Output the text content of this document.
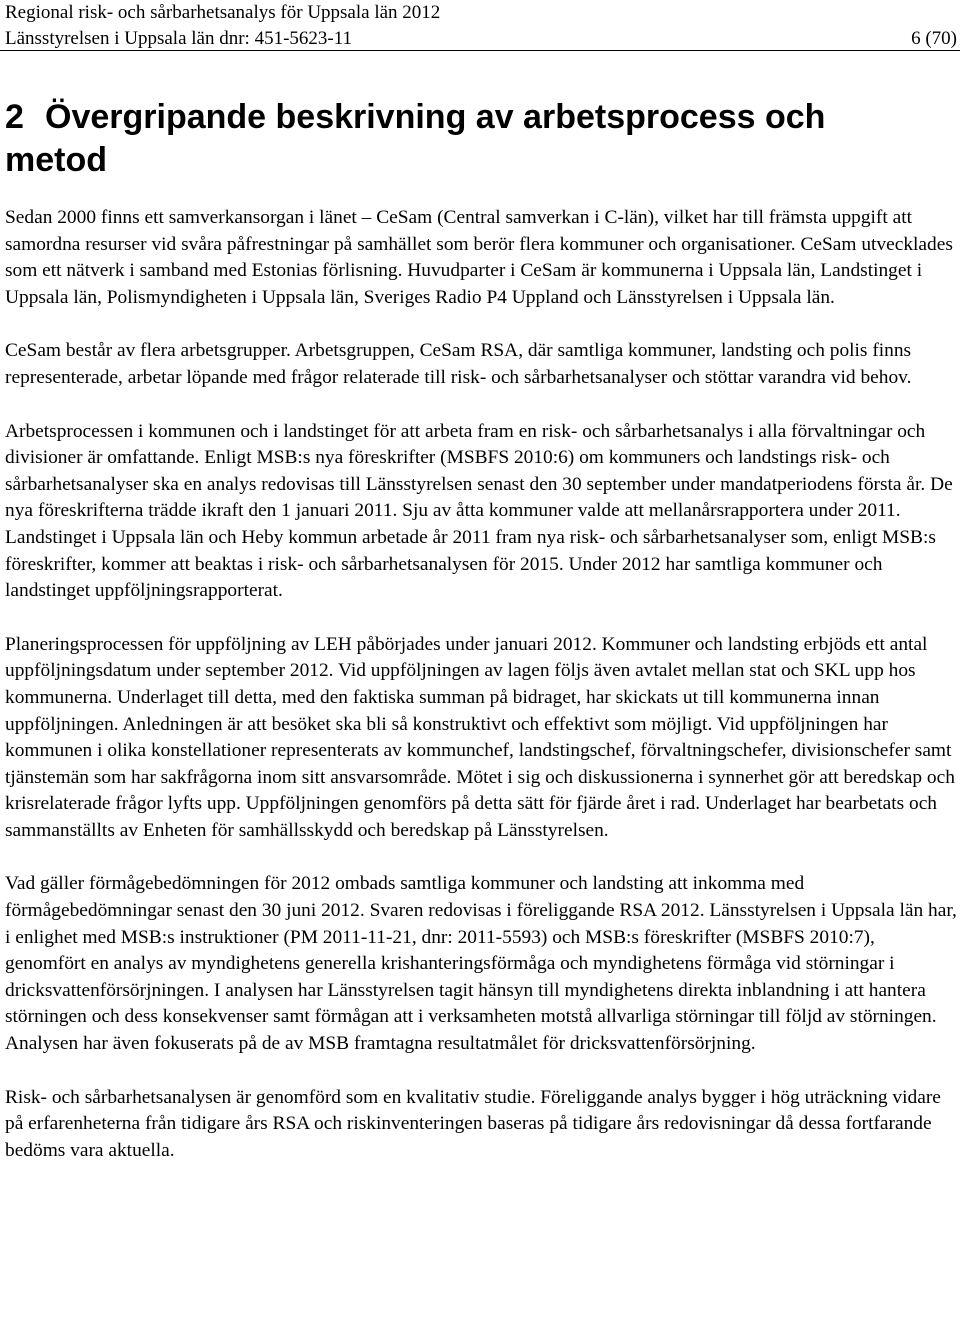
Regional risk- och sårbarhetsanalys för Uppsala län 2012
Länsstyrelsen i Uppsala län dnr: 451-5623-11	6 (70)
2 Övergripande beskrivning av arbetsprocess och
metod

Sedan 2000 finns ett samverkansorgan i länet – CeSam (Central samverkan i C-län), vilket har till främsta uppgift att samordna resurser vid svåra påfrestningar på samhället som berör flera kommuner och organisationer. CeSam utvecklades som ett nätverk i samband med Estonias förlisning. Huvudparter i CeSam är kommunerna i Uppsala län, Landstinget i Uppsala län, Polismyndigheten i Uppsala län, Sveriges Radio P4 Uppland och Länsstyrelsen i Uppsala län.

CeSam består av flera arbetsgrupper. Arbetsgruppen, CeSam RSA, där samtliga kommuner, landsting och polis finns representerade, arbetar löpande med frågor relaterade till risk- och sårbarhetsanalyser och stöttar varandra vid behov.

Arbetsprocessen i kommunen och i landstinget för att arbeta fram en risk- och sårbarhetsanalys i alla förvaltningar och divisioner är omfattande. Enligt MSB:s nya föreskrifter (MSBFS 2010:6) om kommuners och landstings risk- och sårbarhetsanalyser ska en analys redovisas till Länsstyrelsen senast den 30 september under mandatperiodens första år. De nya föreskrifterna trädde ikraft den 1 januari 2011. Sju av åtta kommuner valde att mellanårsrapportera under 2011. Landstinget i Uppsala län och Heby kommun arbetade år 2011 fram nya risk- och sårbarhetsanalyser som, enligt MSB:s föreskrifter, kommer att beaktas i risk- och sårbarhetsanalysen för 2015. Under 2012 har samtliga kommuner och landstinget uppföljningsrapporterat.

Planeringsprocessen för uppföljning av LEH påbörjades under januari 2012. Kommuner och landsting erbjöds ett antal uppföljningsdatum under september 2012. Vid uppföljningen av lagen följs även avtalet mellan stat och SKL upp hos kommunerna. Underlaget till detta, med den faktiska summan på bidraget, har skickats ut till kommunerna innan uppföljningen. Anledningen är att besöket ska bli så konstruktivt och effektivt som möjligt. Vid uppföljningen har kommunen i olika konstellationer representerats av kommunchef, landstingschef, förvaltningschefer, divisionschefer samt tjänstemän som har sakfrågorna inom sitt ansvarsområde. Mötet i sig och diskussionerna i synnerhet gör att beredskap och krisrelaterade frågor lyfts upp. Uppföljningen genomförs på detta sätt för fjärde året i rad. Underlaget har bearbetats och sammanställts av Enheten för samhällsskydd och beredskap på Länsstyrelsen.

Vad gäller förmågebedömningen för 2012 ombads samtliga kommuner och landsting att inkomma med förmågebedömningar senast den 30 juni 2012. Svaren redovisas i föreliggande RSA 2012. Länsstyrelsen i Uppsala län har, i enlighet med MSB:s instruktioner (PM 2011-11-21, dnr: 2011-5593) och MSB:s föreskrifter (MSBFS 2010:7), genomfört en analys av myndighetens generella krishanteringsförmåga och myndighetens förmåga vid störningar i dricksvattenförsörjningen. I analysen har Länsstyrelsen tagit hänsyn till myndighetens direkta inblandning i att hantera störningen och dess konsekvenser samt förmågan att i verksamheten motstå allvarliga störningar till följd av störningen. Analysen har även fokuserats på de av MSB framtagna resultatmålet för dricksvattenförsörjning.

Risk- och sårbarhetsanalysen är genomförd som en kvalitativ studie. Föreliggande analys bygger i hög uträckning vidare på erfarenheterna från tidigare års RSA och riskinventeringen baseras på tidigare års redovisningar då dessa fortfarande bedöms vara aktuella.
